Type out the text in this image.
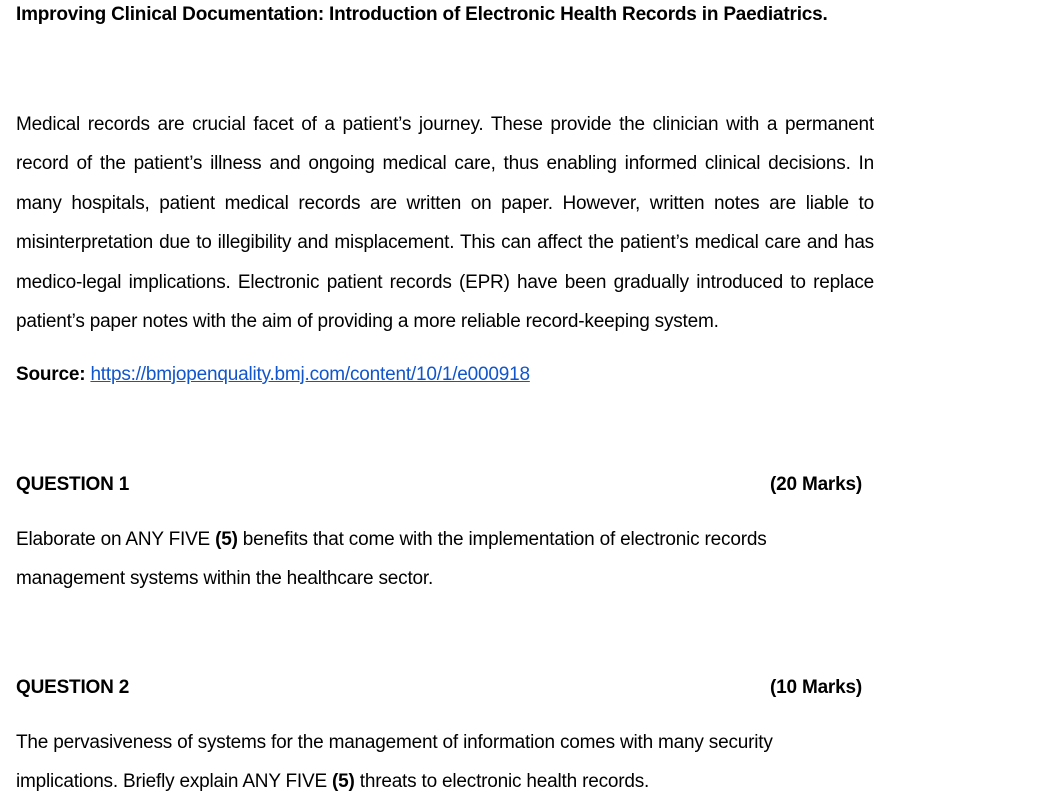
Improving Clinical Documentation: Introduction of Electronic Health Records in Paediatrics.
Medical records are crucial facet of a patient’s journey. These provide the clinician with a permanent record of the patient’s illness and ongoing medical care, thus enabling informed clinical decisions. In many hospitals, patient medical records are written on paper. However, written notes are liable to misinterpretation due to illegibility and misplacement. This can affect the patient’s medical care and has medico-legal implications. Electronic patient records (EPR) have been gradually introduced to replace patient’s paper notes with the aim of providing a more reliable record-keeping system.
Source: https://bmjopenquality.bmj.com/content/10/1/e000918
QUESTION 1	(20 Marks)
Elaborate on ANY FIVE (5) benefits that come with the implementation of electronic records
management systems within the healthcare sector.
QUESTION 2	(10 Marks)
The pervasiveness of systems for the management of information comes with many security
implications. Briefly explain ANY FIVE (5) threats to electronic health records.
